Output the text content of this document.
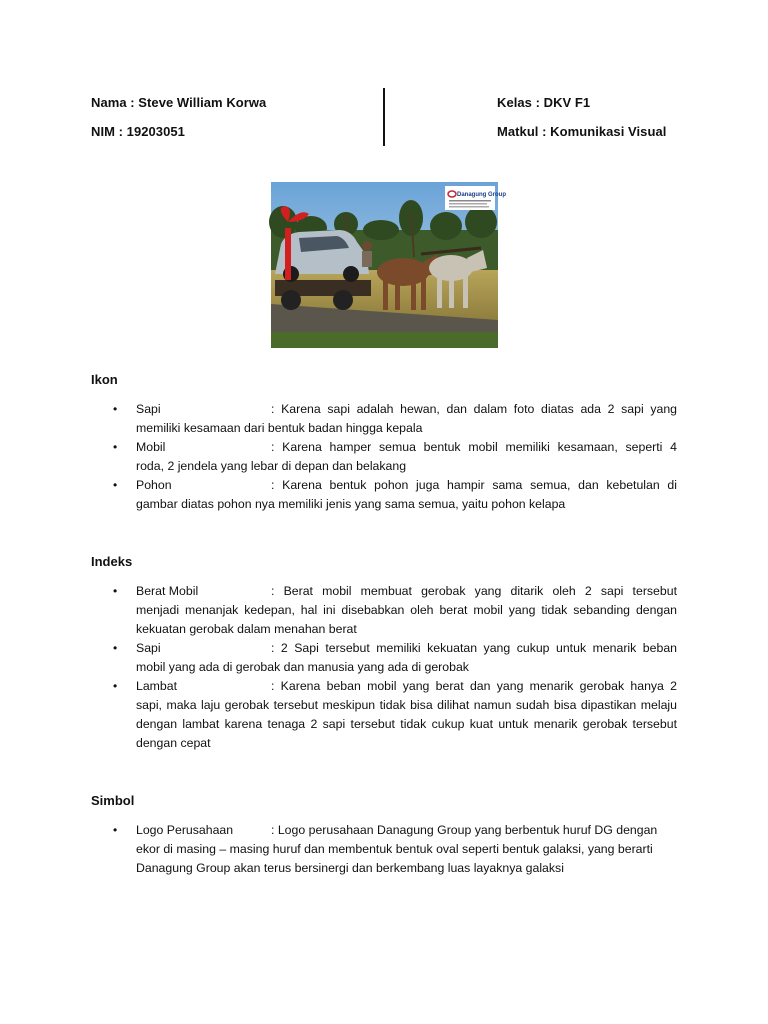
Nama : Steve William Korwa
NIM : 19203051
Kelas : DKV F1
Matkul : Komunikasi Visual
Danagung Group
Ikon
• Sapi	: Karena sapi adalah hewan, dan dalam foto diatas ada 2 sapi yang
memiliki kesamaan dari bentuk badan hingga kepala
• Mobil	: Karena hamper semua bentuk mobil memiliki kesamaan, seperti 4
roda, 2 jendela yang lebar di depan dan belakang
• Pohon	: Karena bentuk pohon juga hampir sama semua, dan kebetulan di
gambar diatas pohon nya memiliki jenis yang sama semua, yaitu pohon kelapa
Indeks
• Berat Mobil	: Berat mobil membuat gerobak yang ditarik oleh 2 sapi tersebut
menjadi menanjak kedepan, hal ini disebabkan oleh berat mobil yang tidak sebanding dengan
kekuatan gerobak dalam menahan berat
• Sapi	: 2 Sapi tersebut memiliki kekuatan yang cukup untuk menarik beban
mobil yang ada di gerobak dan manusia yang ada di gerobak
• Lambat	: Karena beban mobil yang berat dan yang menarik gerobak hanya 2
sapi, maka laju gerobak tersebut meskipun tidak bisa dilihat namun sudah bisa dipastikan melaju
dengan lambat karena tenaga 2 sapi tersebut tidak cukup kuat untuk menarik gerobak tersebut
dengan cepat
Simbol
• Logo Perusahaan	: Logo perusahaan Danagung Group yang berbentuk huruf DG dengan
ekor di masing – masing huruf dan membentuk bentuk oval seperti bentuk galaksi, yang berarti
Danagung Group akan terus bersinergi dan berkembang luas layaknya galaksi
